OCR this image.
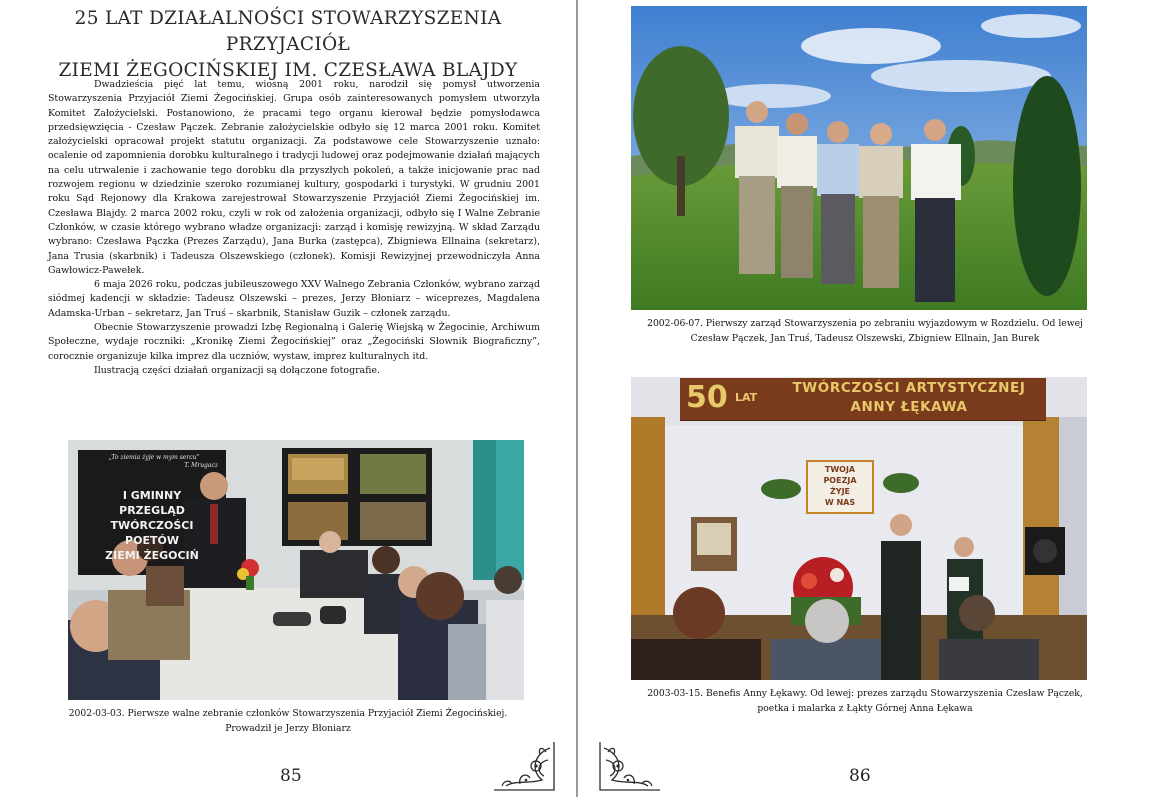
25 LAT DZIAŁALNOŚCI STOWARZYSZENIA PRZYJACIÓŁ
ZIEMI ŻEGOCIŃSKIEJ IM. CZESŁAWA BLAJDY

Dwadzieścia pięć lat temu, wiosną 2001 roku, narodził się pomysł utworzenia Stowarzyszenia Przyjaciół Ziemi Żegocińskiej. Grupa osób zainteresowanych pomysłem utworzyła Komitet Założycielski. Postanowiono, że pracami tego organu kierował będzie pomysłodawca przedsięwzięcia - Czesław Pączek. Zebranie założycielskie odbyło się 12 marca 2001 roku. Komitet założycielski opracował projekt statutu organizacji. Za podstawowe cele Stowarzyszenie uznało: ocalenie od zapomnienia dorobku kulturalnego i tradycji ludowej oraz podejmowanie działań mających na celu utrwalenie i zachowanie tego dorobku dla przyszłych pokoleń, a także inicjowanie prac nad rozwojem regionu w dziedzinie szeroko rozumianej kultury, gospodarki i turystyki. W grudniu 2001 roku Sąd Rejonowy dla Krakowa zarejestrował Stowarzyszenie Przyjaciół Ziemi Żegocińskiej im. Czesława Blajdy. 2 marca 2002 roku, czyli w rok od założenia organizacji, odbyło się I Walne Zebranie Członków, w czasie którego wybrano władze organizacji: zarząd i komisję rewizyjną. W skład Zarządu wybrano: Czesława Pączka (Prezes Zarządu), Jana Burka (zastępca), Zbigniewa Ellnaina (sekretarz), Jana Trusia (skarbnik) i Tadeusza Olszewskiego (członek). Komisji Rewizyjnej przewodniczyła Anna Gawłowicz-Pawełek.

6 maja 2026 roku, podczas jubileuszowego XXV Walnego Zebrania Członków, wybrano zarząd siódmej kadencji w składzie: Tadeusz Olszewski – prezes, Jerzy Błoniarz – wiceprezes, Magdalena Adamska-Urban – sekretarz, Jan Truś – skarbnik, Stanisław Guzik – członek zarządu.

Obecnie Stowarzyszenie prowadzi Izbę Regionalną i Galerię Wiejską w Żegocinie, Archiwum Społeczne, wydaje roczniki: „Kronikę Ziemi Żegocińskiej” oraz „Żegociński Słownik Biograficzny”, corocznie organizuje kilka imprez dla uczniów, wystaw, imprez kulturalnych itd.

Ilustracją części działań organizacji są dołączone fotografie.

„To ziemia żyje w mym sercu”
T. Mrugacz
I GMINNY
PRZEGLĄD TWÓRCZOŚCI
POETÓW
ZIEMI ŻEGOCIŃ
2002-03-03. Pierwsze walne zebranie członków Stowarzyszenia Przyjaciół Ziemi Żegocińskiej.
Prowadził je Jerzy Błoniarz
85
2002-06-07. Pierwszy zarząd Stowarzyszenia po zebraniu wyjazdowym w Rozdzielu. Od lewej
Czesław Pączek, Jan Truś, Tadeusz Olszewski, Zbigniew Ellnain, Jan Burek
50 LAT
TWÓRCZOŚCI ARTYSTYCZNEJ
ANNY ŁĘKAWA
TWOJA
POEZJA
ŻYJE
W NAS
2003-03-15. Benefis Anny Łękawy. Od lewej: prezes zarządu Stowarzyszenia Czesław Pączek,
poetka i malarka z Łąkty Górnej Anna Łękawa
86
